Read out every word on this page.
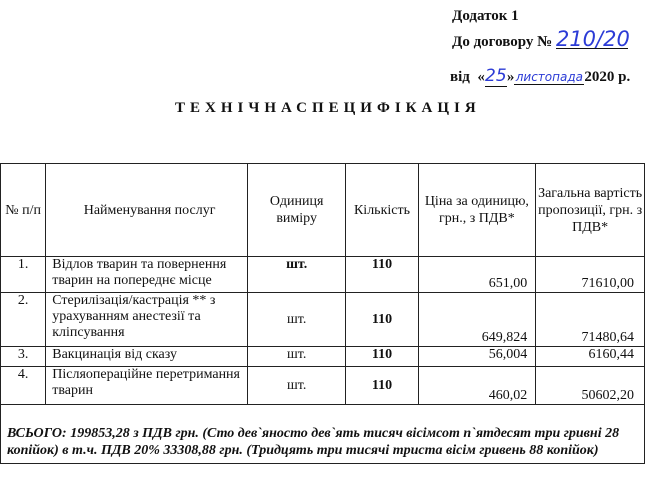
Додаток 1
До договору № 210/20
від «25»листопада2020 р.
ТЕХНІЧНАСПЕЦИФІКАЦІЯ
№ п/п	Найменування послуг	Одиниця виміру	Кількість	Ціна за одиницю, грн., з ПДВ*	Загальна вартість пропозиції, грн. з ПДВ*
1.	Відлов тварин та повернення тварин на попереднє місце	шт.	110	651,00	71610,00
2.	Стерилізація/кастрація ** з урахуванням анестезії та кліпсування	шт.	110	649,824	71480,64
3.	Вакцинація від сказу	шт.	110	56,004	6160,44
4.	Післяопераційне перетримання тварин	шт.	110	460,02	50602,20
ВСЬОГО: 199853,28 з ПДВ грн. (Сто дев`яносто дев`ять тисяч вісімсот п`ятдесят три гривні 28 копійок) в т.ч. ПДВ 20% 33308,88 грн. (Тридцять три тисячі триста вісім гривень 88 копійок)					
